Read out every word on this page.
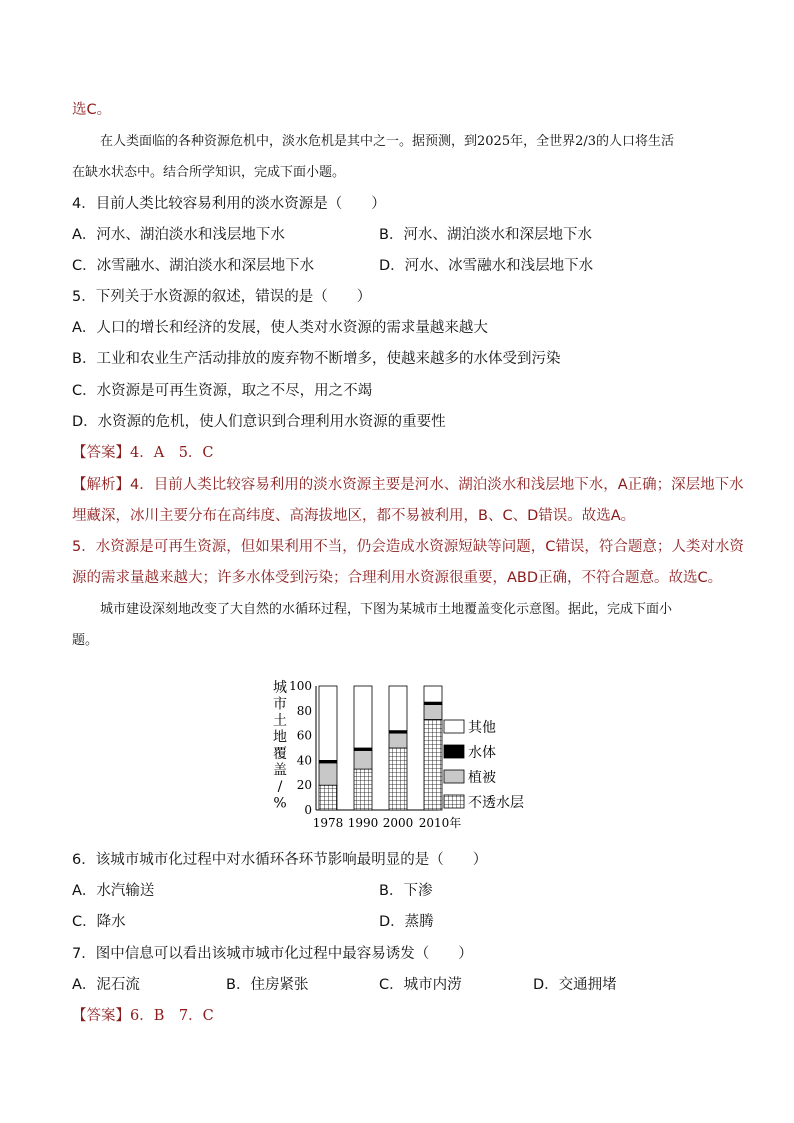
选C。
在人类面临的各种资源危机中，淡水危机是其中之一。据预测，到2025年，全世界2/3的人口将生活
在缺水状态中。结合所学知识，完成下面小题。
4．目前人类比较容易利用的淡水资源是（　　）
A．河水、湖泊淡水和浅层地下水	B．河水、湖泊淡水和深层地下水
C．冰雪融水、湖泊淡水和深层地下水	D．河水、冰雪融水和浅层地下水
5．下列关于水资源的叙述，错误的是（　　）
A．人口的增长和经济的发展，使人类对水资源的需求量越来越大
B．工业和农业生产活动排放的废弃物不断增多，使越来越多的水体受到污染
C．水资源是可再生资源，取之不尽，用之不竭
D．水资源的危机，使人们意识到合理利用水资源的重要性
【答案】4．A　5．C
【解析】4．目前人类比较容易利用的淡水资源主要是河水、湖泊淡水和浅层地下水，A正确；深层地下水
埋藏深，冰川主要分布在高纬度、高海拔地区，都不易被利用，B、C、D错误。故选A。
5．水资源是可再生资源，但如果利用不当，仍会造成水资源短缺等问题，C错误，符合题意；人类对水资
源的需求量越来越大；许多水体受到污染；合理利用水资源很重要，ABD正确，不符合题意。故选C。
城市建设深刻地改变了大自然的水循环过程，下图为某城市土地覆盖变化示意图。据此，完成下面小
题。
城
市
土
地
覆
盖
/
% 0
20
40
60
80
100
1978 1990 2000 2010年
其他
水体
植被
不透水层
6．该城市城市化过程中对水循环各环节影响最明显的是（　　）
A．水汽输送	B．下渗
C．降水	D．蒸腾
7．图中信息可以看出该城市城市化过程中最容易诱发（　　）
A．泥石流	B．住房紧张	C．城市内涝	D．交通拥堵
【答案】6．B　7．C
